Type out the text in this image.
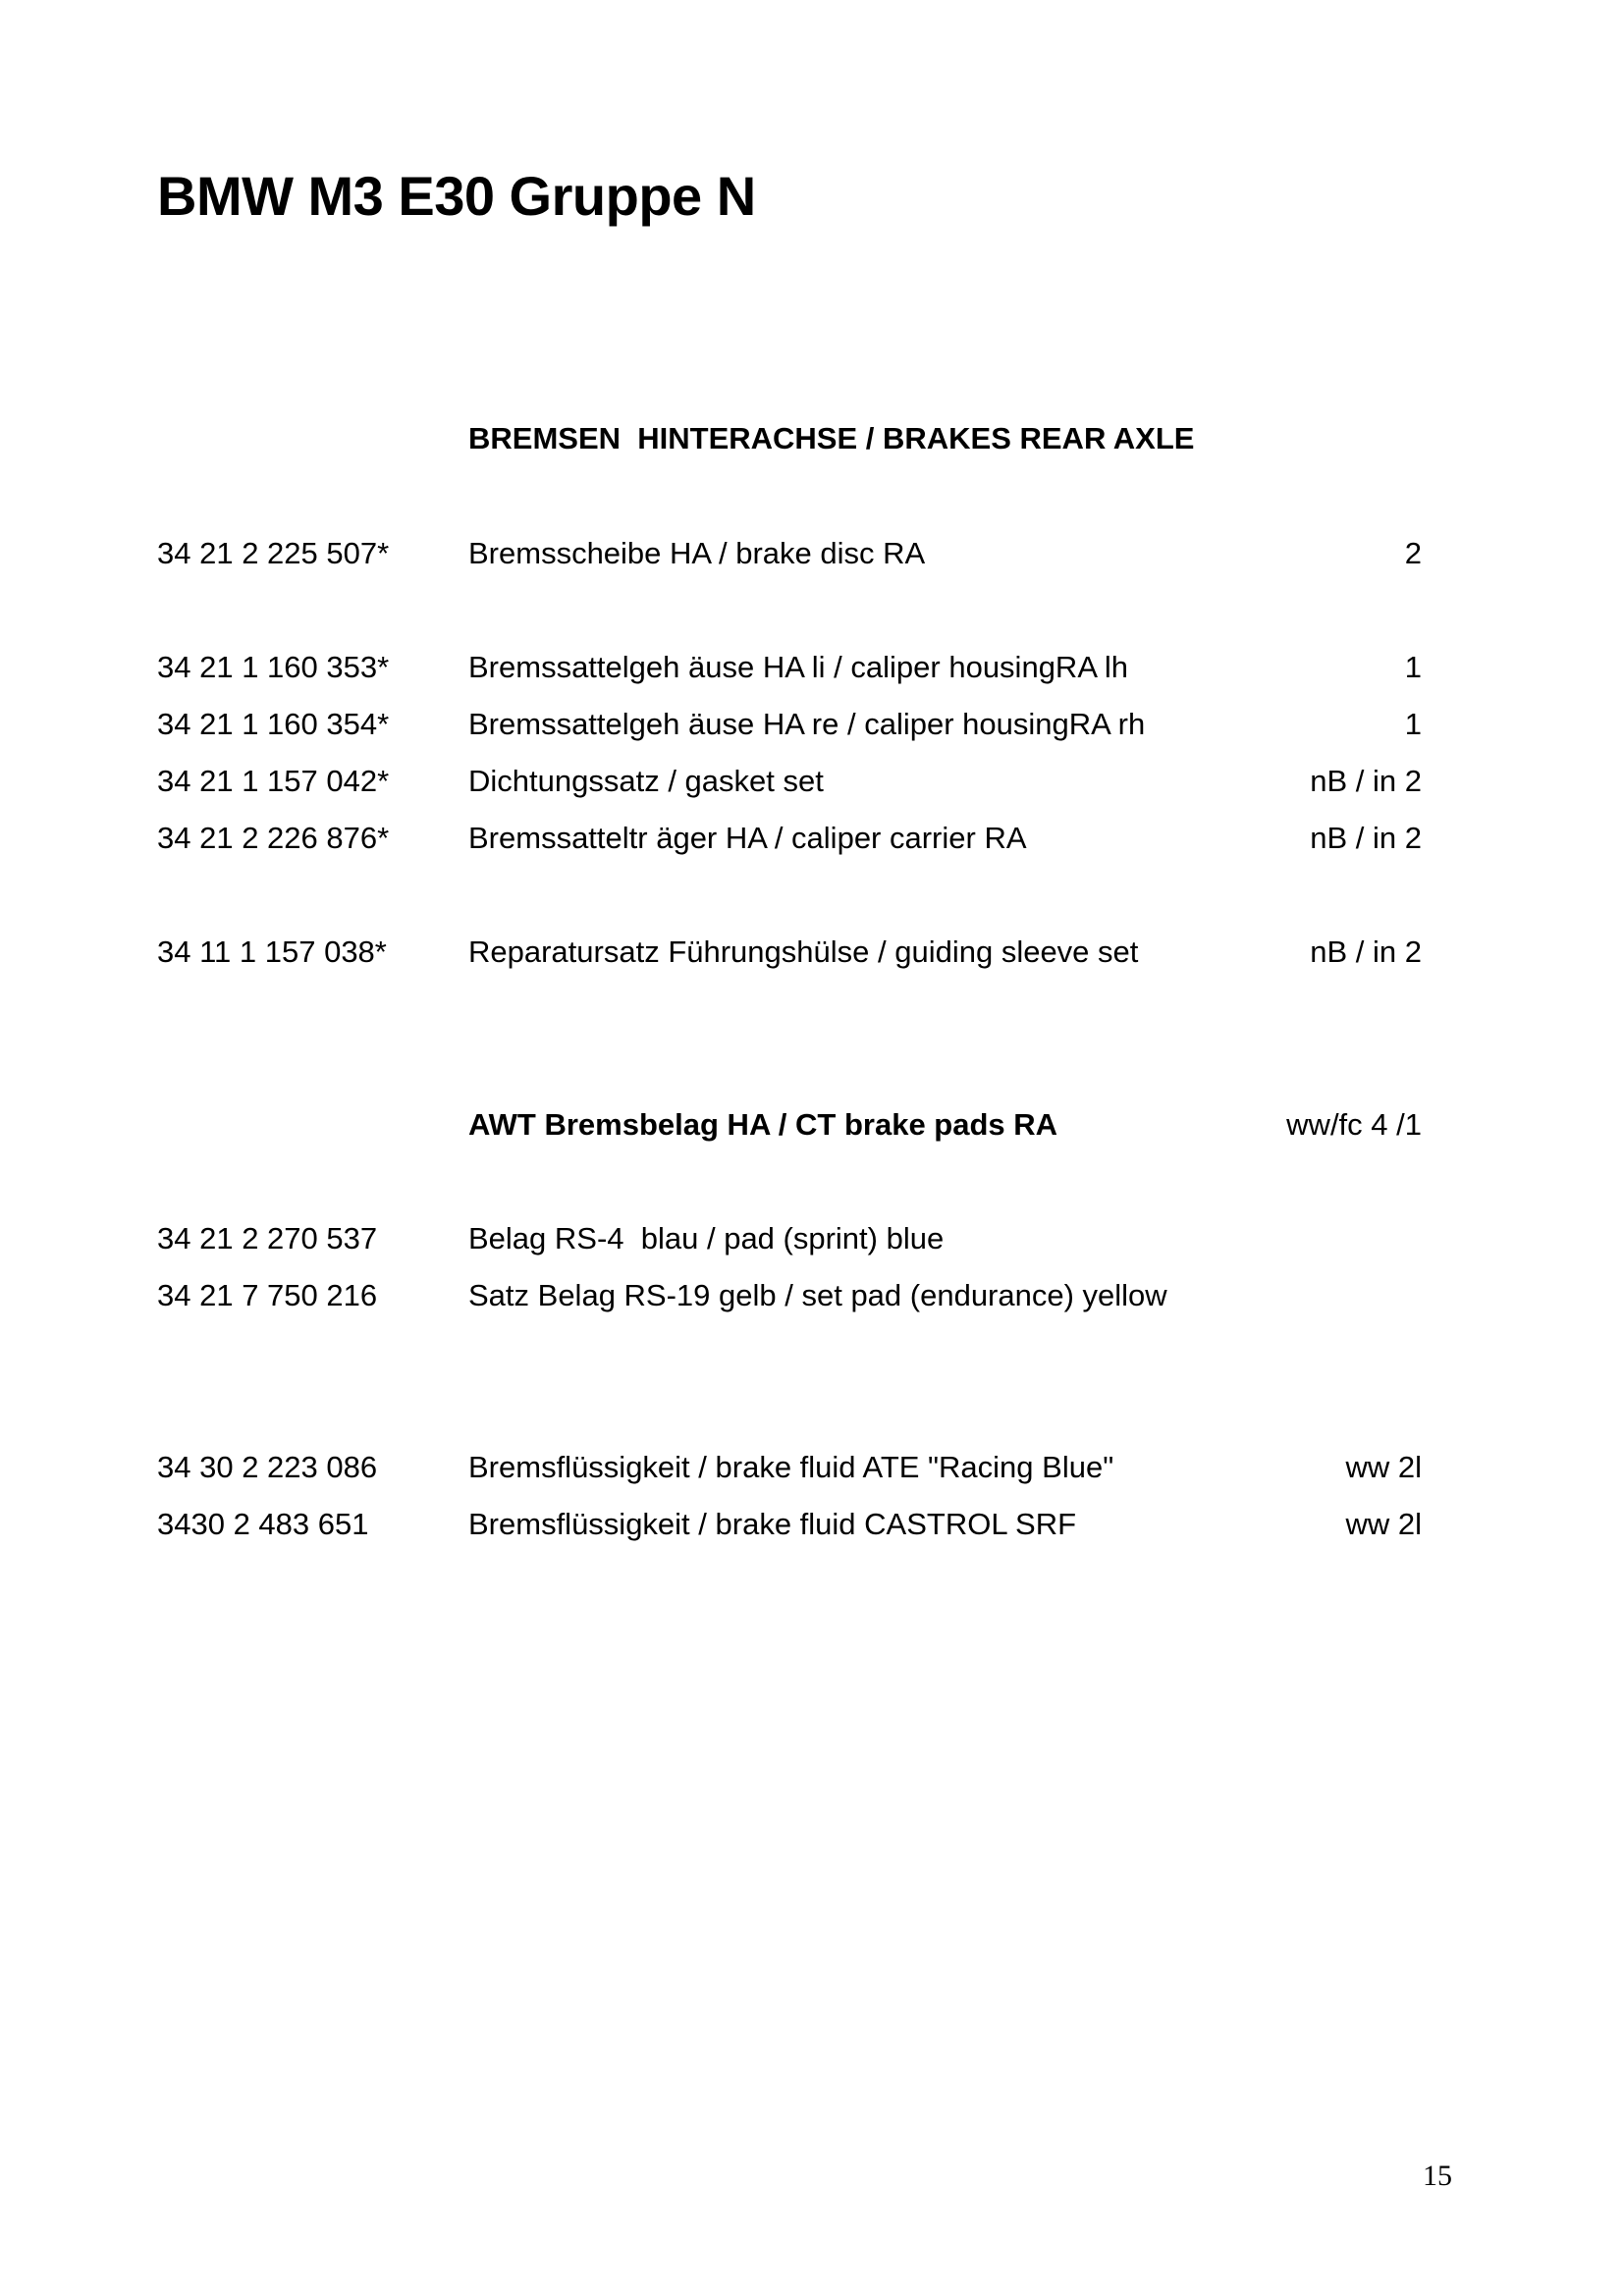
BMW M3 E30 Gruppe N
BREMSEN  HINTERACHSE / BRAKES REAR AXLE
34 21 2 225 507*	Bremsscheibe HA / brake disc RA	2
34 21 1 160 353*	Bremssattelgeh äuse HA li / caliper housingRA lh	1
34 21 1 160 354*	Bremssattelgeh äuse HA re / caliper housingRA rh	1
34 21 1 157 042*	Dichtungssatz / gasket set	nB / in 2
34 21 2 226 876*	Bremssatteltr äger HA / caliper carrier RA	nB / in 2
34 11 1 157 038*	Reparatursatz Führungshülse / guiding sleeve set	nB / in 2
AWT Bremsbelag HA / CT brake pads RA	ww/fc 4 /1
34 21 2 270 537	Belag RS-4  blau / pad (sprint) blue
34 21 7 750 216	Satz Belag RS-19 gelb / set pad (endurance) yellow
34 30 2 223 086	Bremsflüssigkeit / brake fluid ATE "Racing Blue"	ww 2l
3430 2 483 651	Bremsflüssigkeit / brake fluid CASTROL SRF	ww 2l
15
